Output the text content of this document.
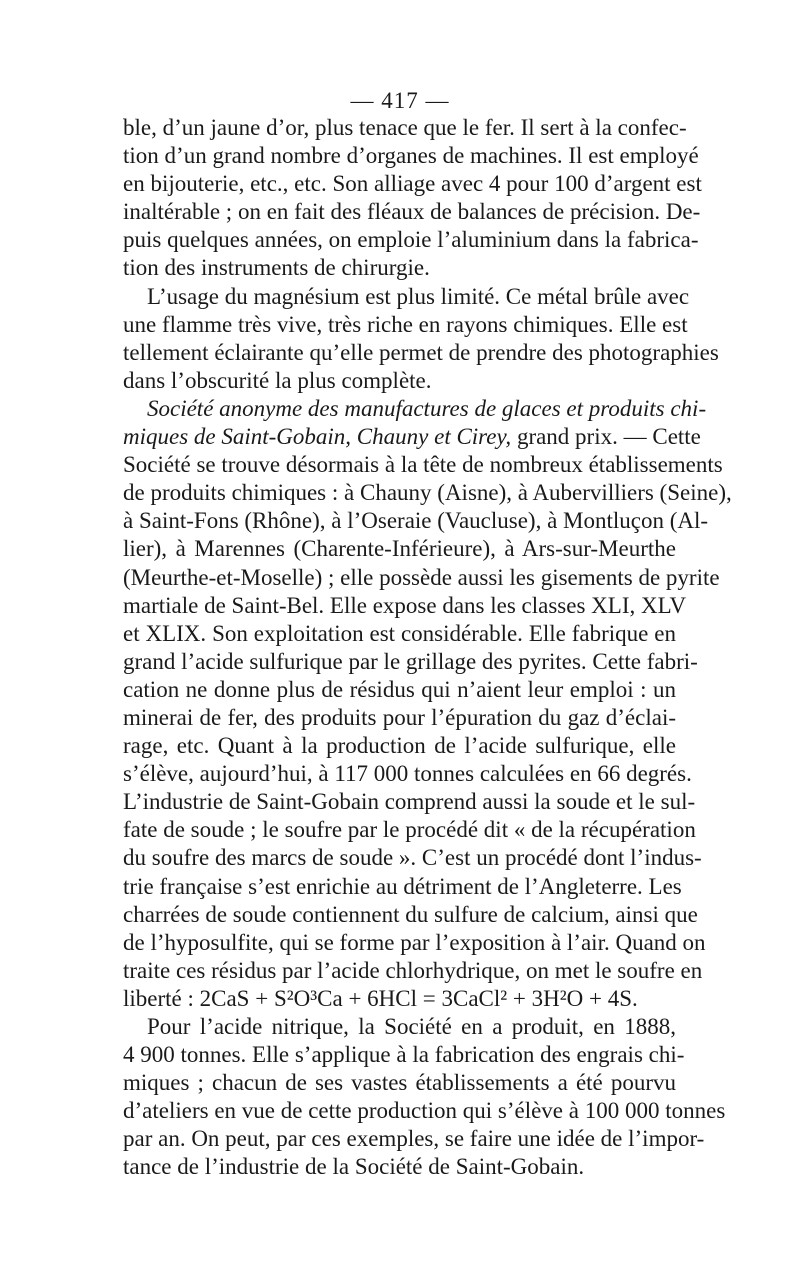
— 417 —
ble, d’un jaune d’or, plus tenace que le fer. Il sert à la confec-
tion d’un grand nombre d’organes de machines. Il est employé
en bijouterie, etc., etc. Son alliage avec 4 pour 100 d’argent est
inaltérable ; on en fait des fléaux de balances de précision. De-
puis quelques années, on emploie l’aluminium dans la fabrica-
tion des instruments de chirurgie.
L’usage du magnésium est plus limité. Ce métal brûle avec
une flamme très vive, très riche en rayons chimiques. Elle est
tellement éclairante qu’elle permet de prendre des photographies
dans l’obscurité la plus complète.
Société anonyme des manufactures de glaces et produits chi-
miques de Saint-Gobain, Chauny et Cirey, grand prix. — Cette
Société se trouve désormais à la tête de nombreux établissements
de produits chimiques : à Chauny (Aisne), à Aubervilliers (Seine),
à Saint-Fons (Rhône), à l’Oseraie (Vaucluse), à Montluçon (Al-
lier), à Marennes (Charente-Inférieure), à Ars-sur-Meurthe
(Meurthe-et-Moselle) ; elle possède aussi les gisements de pyrite
martiale de Saint-Bel. Elle expose dans les classes XLI, XLV
et XLIX. Son exploitation est considérable. Elle fabrique en
grand l’acide sulfurique par le grillage des pyrites. Cette fabri-
cation ne donne plus de résidus qui n’aient leur emploi : un
minerai de fer, des produits pour l’épuration du gaz d’éclai-
rage, etc. Quant à la production de l’acide sulfurique, elle
s’élève, aujourd’hui, à 117 000 tonnes calculées en 66 degrés.
L’industrie de Saint-Gobain comprend aussi la soude et le sul-
fate de soude ; le soufre par le procédé dit « de la récupération
du soufre des marcs de soude ». C’est un procédé dont l’indus-
trie française s’est enrichie au détriment de l’Angleterre. Les
charrées de soude contiennent du sulfure de calcium, ainsi que
de l’hyposulfite, qui se forme par l’exposition à l’air. Quand on
traite ces résidus par l’acide chlorhydrique, on met le soufre en
liberté : 2CaS + S²O³Ca + 6HCl = 3CaCl² + 3H²O + 4S.
Pour l’acide nitrique, la Société en a produit, en 1888,
4 900 tonnes. Elle s’applique à la fabrication des engrais chi-
miques ; chacun de ses vastes établissements a été pourvu
d’ateliers en vue de cette production qui s’élève à 100 000 tonnes
par an. On peut, par ces exemples, se faire une idée de l’impor-
tance de l’industrie de la Société de Saint-Gobain.
